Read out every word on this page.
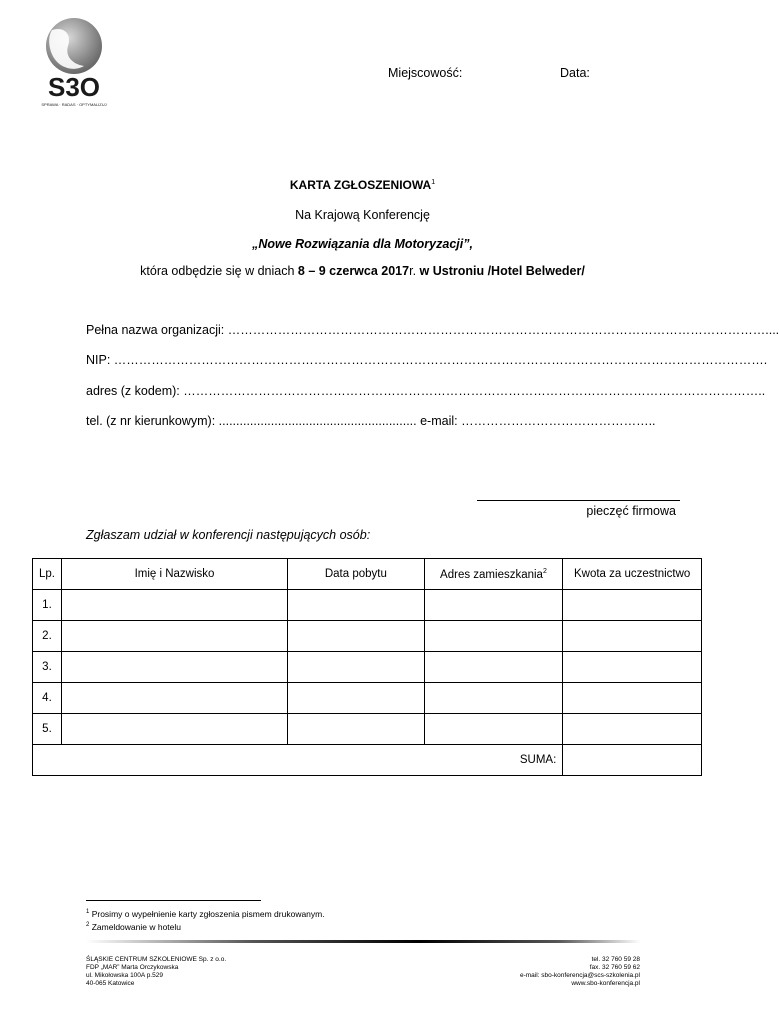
S3O
SPRAWA · RADAS · OPTYMALIZUJ
Miejscowość:	Data:
KARTA ZGŁOSZENIOWA$^1$
Na Krajową Konferencję
„Nowe Rozwiązania dla Motoryzacji”,
która odbędzie się w dniach 8 – 9 czerwca 2017r. w Ustroniu /Hotel Belweder/
Pełna nazwa organizacji: …………………………………………………………………………………………………………………....
NIP: ………………………………………………………………………………………………………………………………………….
adres (z kodem): …………………………………………………………………………………………………………………………..
tel. (z nr kierunkowym): ......................................................... e-mail: ………………………………………..
pieczęć firmowa
Zgłaszam udział w konferencji następujących osób:
Lp.	Imię i Nazwisko	Data pobytu	Adres zamieszkania$^2$	Kwota za uczestnictwo
1.				
2.				
3.				
4.				
5.				
SUMA:				
$^1$ Prosimy o wypełnienie karty zgłoszenia pismem drukowanym.
$^2$ Zameldowanie w hotelu
ŚLĄSKIE CENTRUM SZKOLENIOWE Sp. z o.o.
FDP „MAR” Marta Orczykowska
ul. Mikołowska 100A p.529
40-065 Katowice
tel. 32 760 59 28
fax. 32 760 59 62
e-mail: sbo-konferencja@scs-szkolenia.pl
www.sbo-konferencja.pl
